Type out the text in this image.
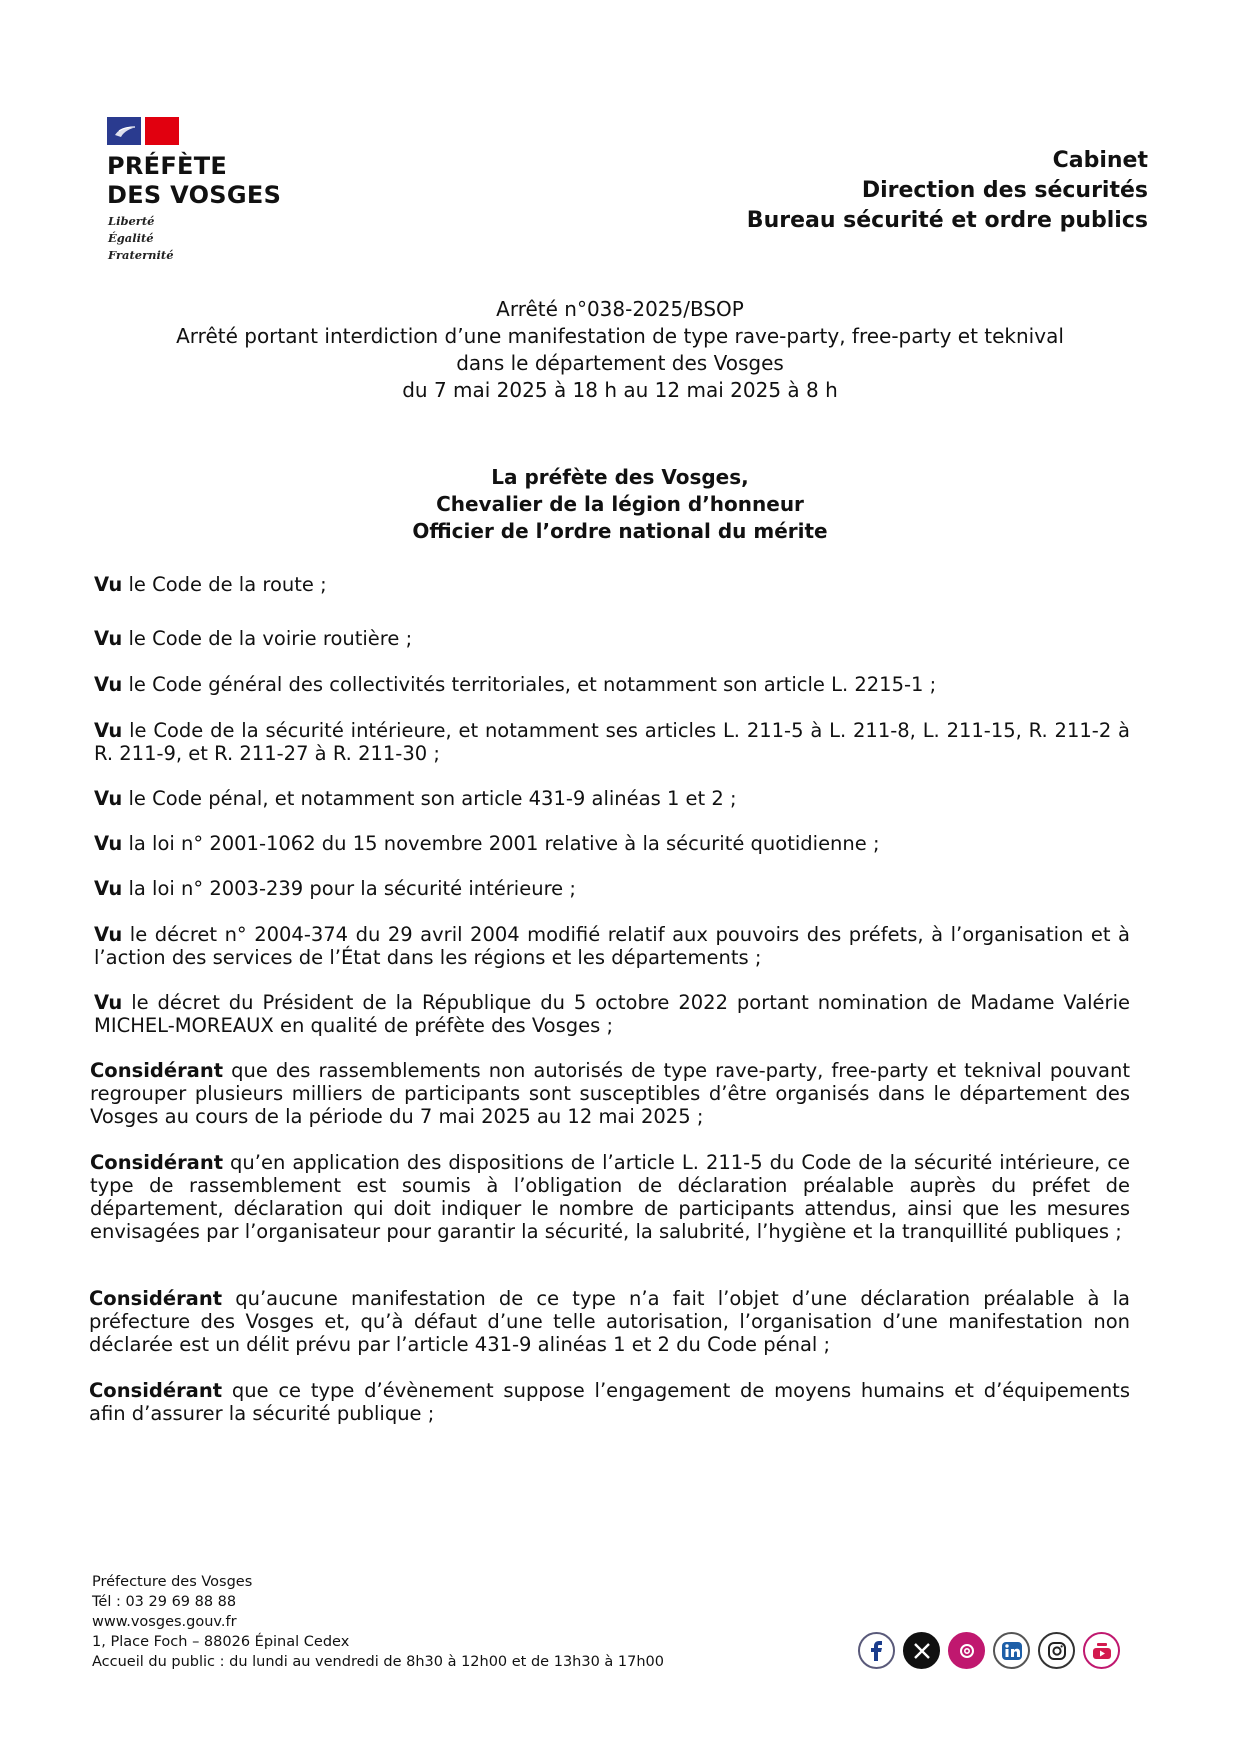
PRÉFÈTE
DES VOSGES
Liberté
Égalité
Fraternité
Cabinet
Direction des sécurités
Bureau sécurité et ordre publics
Arrêté n°038-2025/BSOP
Arrêté portant interdiction d’une manifestation de type rave-party, free-party et teknival
dans le département des Vosges
du 7 mai 2025 à 18 h au 12 mai 2025 à 8 h
La préfète des Vosges,
Chevalier de la légion d’honneur
Officier de l’ordre national du mérite
Vu le Code de la route ;
Vu le Code de la voirie routière ;
Vu le Code général des collectivités territoriales, et notamment son article L. 2215-1 ;
Vu le Code de la sécurité intérieure, et notamment ses articles L. 211-5 à L. 211-8, L. 211-15, R. 211-2 à R. 211-9, et R. 211-27 à R. 211-30 ;
Vu le Code pénal, et notamment son article 431-9 alinéas 1 et 2 ;
Vu la loi n° 2001-1062 du 15 novembre 2001 relative à la sécurité quotidienne ;
Vu la loi n° 2003-239 pour la sécurité intérieure ;
Vu le décret n° 2004-374 du 29 avril 2004 modifié relatif aux pouvoirs des préfets, à l’organisation et à l’action des services de l’État dans les régions et les départements ;
Vu le décret du Président de la République du 5 octobre 2022 portant nomination de Madame Valérie MICHEL-MOREAUX en qualité de préfète des Vosges ;
Considérant que des rassemblements non autorisés de type rave-party, free-party et teknival pouvant regrouper plusieurs milliers de participants sont susceptibles d’être organisés dans le département des Vosges au cours de la période du 7 mai 2025 au 12 mai 2025 ;
Considérant qu’en application des dispositions de l’article L. 211-5 du Code de la sécurité intérieure, ce type de rassemblement est soumis à l’obligation de déclaration préalable auprès du préfet de département, déclaration qui doit indiquer le nombre de participants attendus, ainsi que les mesures envisagées par l’organisateur pour garantir la sécurité, la salubrité, l’hygiène et la tranquillité publiques ;
Considérant qu’aucune manifestation de ce type n’a fait l’objet d’une déclaration préalable à la préfecture des Vosges et, qu’à défaut d’une telle autorisation, l’organisation d’une manifestation non déclarée est un délit prévu par l’article 431-9 alinéas 1 et 2 du Code pénal ;
Considérant que ce type d’évènement suppose l’engagement de moyens humains et d’équipements afin d’assurer la sécurité publique ;
Préfecture des Vosges
Tél : 03 29 69 88 88
www.vosges.gouv.fr
1, Place Foch – 88026 Épinal Cedex
Accueil du public : du lundi au vendredi de 8h30 à 12h00 et de 13h30 à 17h00
